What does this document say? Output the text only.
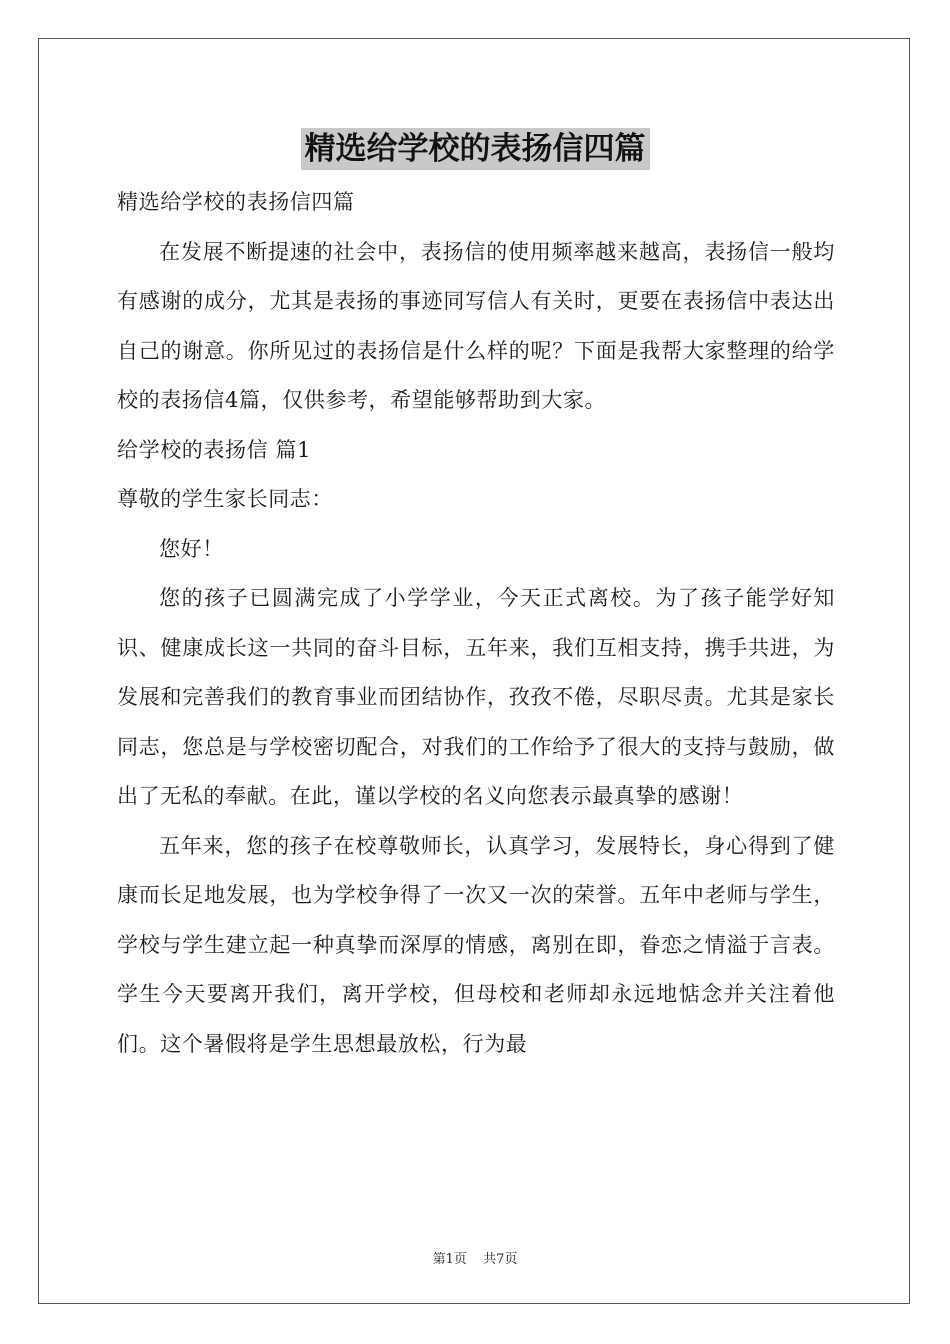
精选给学校的表扬信四篇

精选给学校的表扬信四篇

在发展不断提速的社会中，表扬信的使用频率越来越高，表扬信一般均有感谢的成分，尤其是表扬的事迹同写信人有关时，更要在表扬信中表达出自己的谢意。你所见过的表扬信是什么样的呢？下面是我帮大家整理的给学校的表扬信4篇，仅供参考，希望能够帮助到大家。

给学校的表扬信 篇1

尊敬的学生家长同志：

您好！

您的孩子已圆满完成了小学学业，今天正式离校。为了孩子能学好知识、健康成长这一共同的奋斗目标，五年来，我们互相支持，携手共进，为发展和完善我们的教育事业而团结协作，孜孜不倦，尽职尽责。尤其是家长同志，您总是与学校密切配合，对我们的工作给予了很大的支持与鼓励，做出了无私的奉献。在此，谨以学校的名义向您表示最真挚的感谢！

五年来，您的孩子在校尊敬师长，认真学习，发展特长，身心得到了健康而长足地发展，也为学校争得了一次又一次的荣誉。五年中老师与学生，学校与学生建立起一种真挚而深厚的情感，离别在即，眷恋之情溢于言表。学生今天要离开我们，离开学校，但母校和老师却永远地惦念并关注着他们。这个暑假将是学生思想最放松，行为最

第1页 共7页
